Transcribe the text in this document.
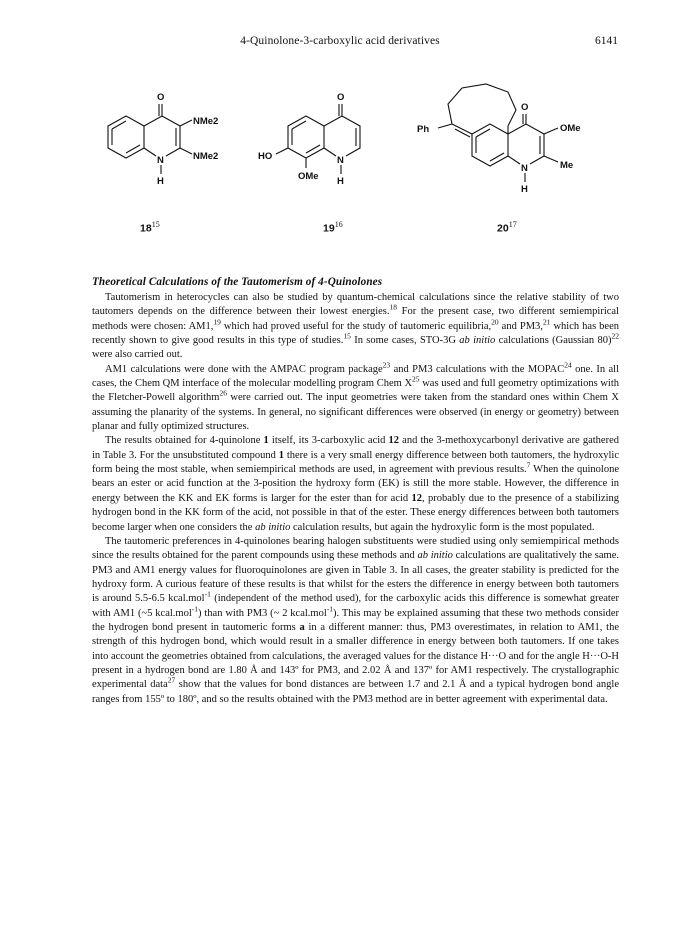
4-Quinolone-3-carboxylic acid derivatives	6141
O
NMe2
NMe2
N
H
O
HO
OMe
N
H
O
Ph	OMe
Me
N
H
$18^{15}$	$19^{16}$	$20^{17}$
Theoretical Calculations of the Tautomerism of 4-Quinolones

Tautomerism in heterocycles can also be studied by quantum-chemical calculations since the relative stability of two tautomers depends on the difference between their lowest energies.$^{18}$ For the present case, two different semiempirical methods were chosen: AM1,19 which had proved useful for the study of tautomeric equilibria,$^{20}$ and PM3,21 which has been recently shown to give good results in this type of studies.$^{15}$ In some cases, STO-3G ab initio calculations (Gaussian 80)$^{22}$ were also carried out.

AM1 calculations were done with the AMPAC program package$^{23}$ and PM3 calculations with the MOPAC$^{24}$ one. In all cases, the Chem QM interface of the molecular modelling program Chem $X^{25}$ was used and full geometry optimizations with the Fletcher-Powell algorithm$^{26}$ were carried out. The input geometries were taken from the standard ones within Chem X assuming the planarity of the systems. In general, no significant differences were observed (in energy or geometry) between planar and fully optimized structures.

The results obtained for 4-quinolone 1 itself, its 3-carboxylic acid 12 and the 3-methoxycarbonyl derivative are gathered in Table 3. For the unsubstituted compound 1 there is a very small energy difference between both tautomers, the hydroxylic form being the most stable, when semiempirical methods are used, in agreement with previous results.$^7$ When the quinolone bears an ester or acid function at the 3-position the hydroxy form (EK) is still the more stable. However, the difference in energy between the KK and EK forms is larger for the ester than for acid 12, probably due to the presence of a stabilizing hydrogen bond in the KK form of the acid, not possible in that of the ester. These energy differences between both tautomers become larger when one considers the ab initio calculation results, but again the hydroxylic form is the most populated.

The tautomeric preferences in 4-quinolones bearing halogen substituents were studied using only semiempirical methods since the results obtained for the parent compounds using these methods and ab initio calculations are qualitatively the same. PM3 and AM1 energy values for fluoroquinolones are given in Table 3. In all cases, the greater stability is predicted for the hydroxy form. A curious feature of these results is that whilst for the esters the difference in energy between both tautomers is around 5.5-6.5 kcal.mol$^{-1}$ (independent of the method used), for the carboxylic acids this difference is somewhat greater with AM1 (~5 kcal.mol$^{-1}$) than with PM3 (~ 2 kcal.mol$^{-1}$). This may be explained assuming that these two methods consider the hydrogen bond present in tautomeric forms a in a different manner: thus, PM3 overestimates, in relation to AM1, the strength of this hydrogen bond, which would result in a smaller difference in energy between both tautomers. If one takes into account the geometries obtained from calculations, the averaged values for the distance H···O and for the angle H···O-H present in a hydrogen bond are 1.80 Å and 143º for PM3, and 2.02 Å and 137º for AM1 respectively. The crystallographic experimental data$^{27}$ show that the values for bond distances are between 1.7 and 2.1 Å and a typical hydrogen bond angle ranges from 155º to 180º, and so the results obtained with the PM3 method are in better agreement with experimental data.
